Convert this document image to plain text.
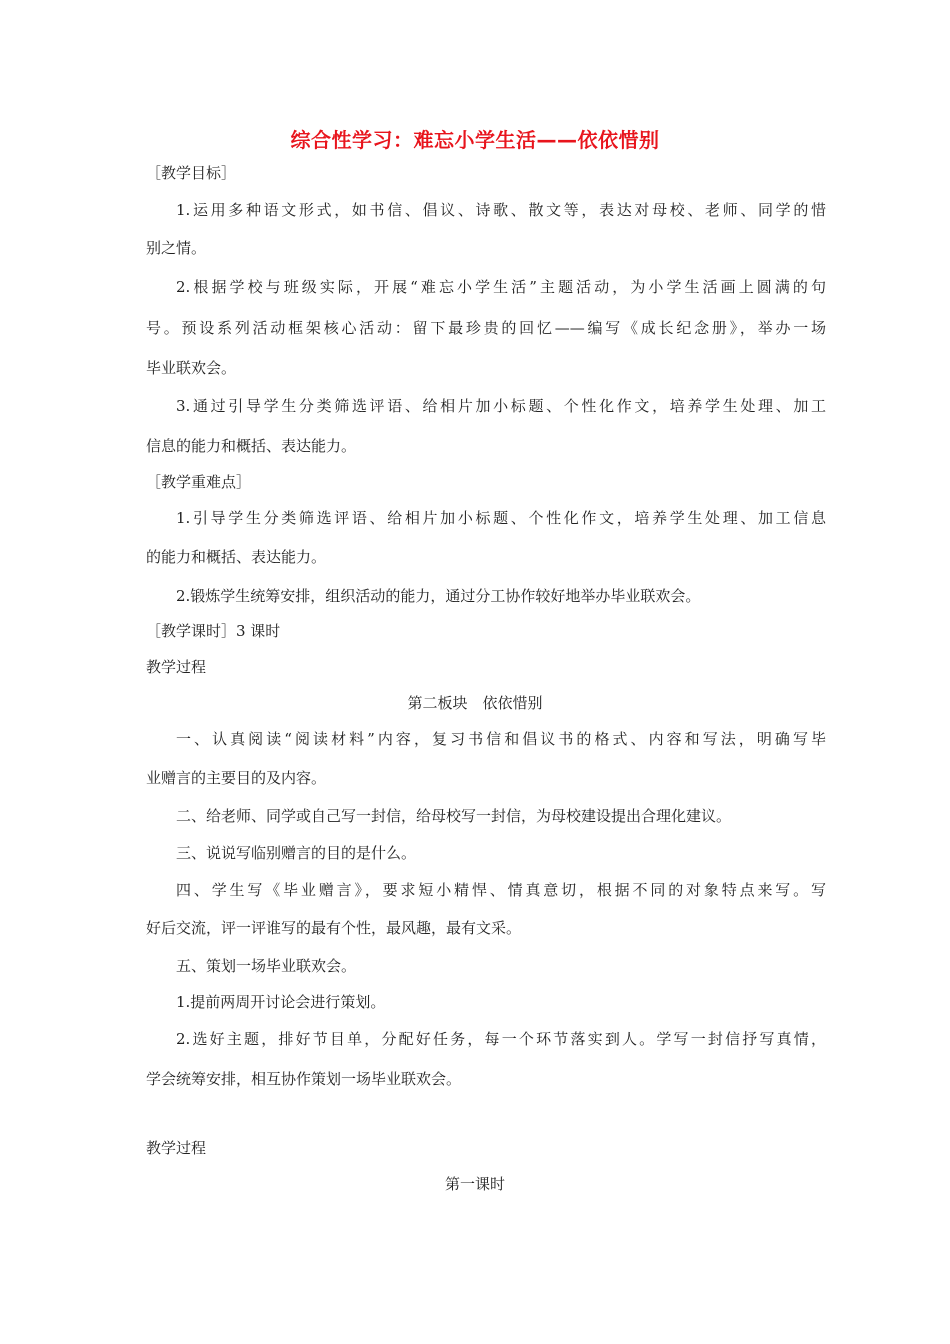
综合性学习：难忘小学生活——依依惜别
［教学目标］
1.运用多种语文形式，如书信、倡议、诗歌、散文等，表达对母校、老师、同学的惜
别之情。
2.根据学校与班级实际，开展“难忘小学生活”主题活动，为小学生活画上圆满的句
号。预设系列活动框架核心活动：留下最珍贵的回忆——编写《成长纪念册》，举办一场
毕业联欢会。
3.通过引导学生分类筛选评语、给相片加小标题、个性化作文，培养学生处理、加工
信息的能力和概括、表达能力。
［教学重难点］
1.引导学生分类筛选评语、给相片加小标题、个性化作文，培养学生处理、加工信息
的能力和概括、表达能力。
2.锻炼学生统筹安排，组织活动的能力，通过分工协作较好地举办毕业联欢会。
［教学课时］3 课时
教学过程
第二板块　依依惜别
一、认真阅读“阅读材料”内容，复习书信和倡议书的格式、内容和写法，明确写毕
业赠言的主要目的及内容。
二、给老师、同学或自己写一封信，给母校写一封信，为母校建设提出合理化建议。
三、说说写临别赠言的目的是什么。
四、学生写《毕业赠言》，要求短小精悍、情真意切，根据不同的对象特点来写。写
好后交流，评一评谁写的最有个性，最风趣，最有文采。
五、策划一场毕业联欢会。
1.提前两周开讨论会进行策划。
2.选好主题，排好节目单，分配好任务，每一个环节落实到人。学写一封信抒写真情，
学会统筹安排，相互协作策划一场毕业联欢会。
教学过程
第一课时
